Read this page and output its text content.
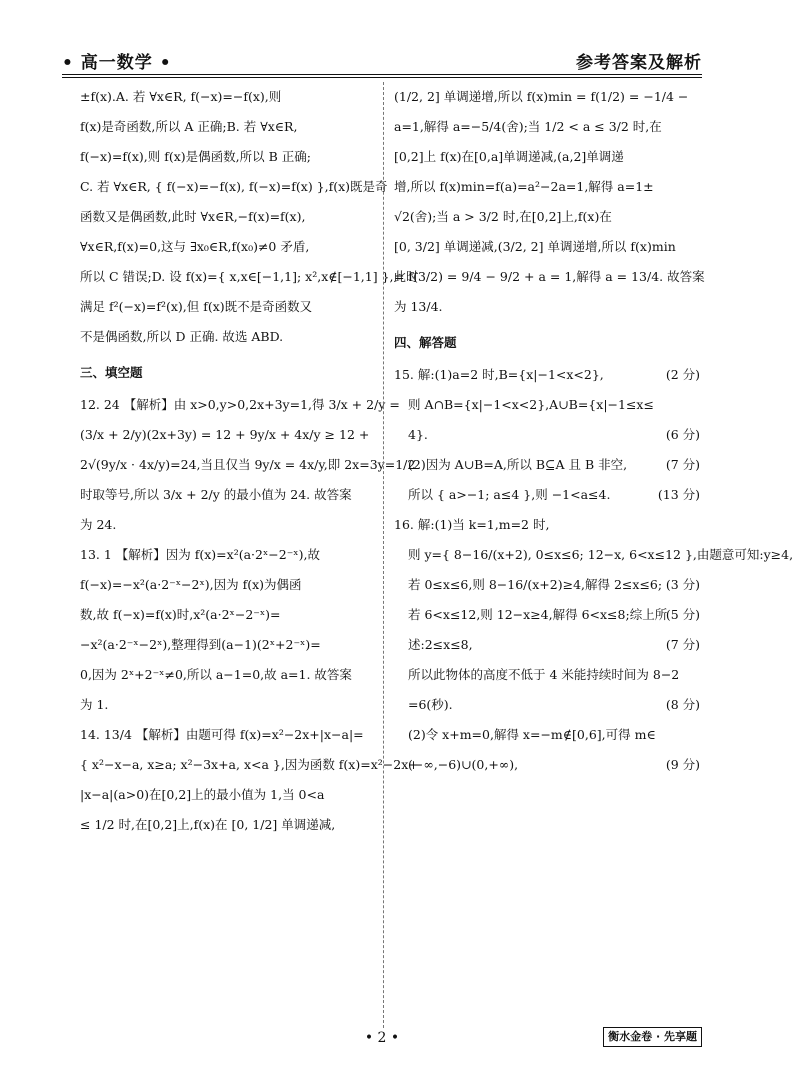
• 高一数学 •	参考答案及解析
±f(x).A. 若 ∀x∈R, f(−x)=−f(x),则
f(x)是奇函数,所以 A 正确;B. 若 ∀x∈R,
f(−x)=f(x),则 f(x)是偶函数,所以 B 正确;
C. 若 ∀x∈R, { f(−x)=−f(x), f(−x)=f(x) },f(x)既是奇
函数又是偶函数,此时 ∀x∈R,−f(x)=f(x),
∀x∈R,f(x)=0,这与 ∃x₀∈R,f(x₀)≠0 矛盾,
所以 C 错误;D. 设 f(x)={ x,x∈[−1,1]; x²,x∉[−1,1] },此时
满足 f²(−x)=f²(x),但 f(x)既不是奇函数又
不是偶函数,所以 D 正确. 故选 ABD.
三、填空题
12. 24 【解析】由 x>0,y>0,2x+3y=1,得 3/x + 2/y =
(3/x + 2/y)(2x+3y) = 12 + 9y/x + 4x/y ≥ 12 +
2√(9y/x · 4x/y)=24,当且仅当 9y/x = 4x/y,即 2x=3y=1/2
时取等号,所以 3/x + 2/y 的最小值为 24. 故答案
为 24.
13. 1 【解析】因为 f(x)=x²(a·2ˣ−2⁻ˣ),故
f(−x)=−x²(a·2⁻ˣ−2ˣ),因为 f(x)为偶函
数,故 f(−x)=f(x)时,x²(a·2ˣ−2⁻ˣ)=
−x²(a·2⁻ˣ−2ˣ),整理得到(a−1)(2ˣ+2⁻ˣ)=
0,因为 2ˣ+2⁻ˣ≠0,所以 a−1=0,故 a=1. 故答案
为 1.
14. 13/4 【解析】由题可得 f(x)=x²−2x+|x−a|=
{ x²−x−a, x≥a; x²−3x+a, x<a },因为函数 f(x)=x²−2x+
|x−a|(a>0)在[0,2]上的最小值为 1,当 0<a
≤ 1/2 时,在[0,2]上,f(x)在 [0, 1/2] 单调递减,
(1/2, 2] 单调递增,所以 f(x)min = f(1/2) = −1/4 −
a=1,解得 a=−5/4(舍);当 1/2 < a ≤ 3/2 时,在
[0,2]上 f(x)在[0,a]单调递减,(a,2]单调递
增,所以 f(x)min=f(a)=a²−2a=1,解得 a=1±
√2(舍);当 a > 3/2 时,在[0,2]上,f(x)在
[0, 3/2] 单调递减,(3/2, 2] 单调递增,所以 f(x)min
= f(3/2) = 9/4 − 9/2 + a = 1,解得 a = 13/4. 故答案
为 13/4.
四、解答题
15. 解:(1)a=2 时,B={x|−1<x<2},	(2 分)
则 A∩B={x|−1<x<2},A∪B={x|−1≤x≤
4}.	(6 分)
(2)因为 A∪B=A,所以 B⊆A 且 B 非空,	(7 分)
所以 { a>−1; a≤4 },则 −1<a≤4.	(13 分)
16. 解:(1)当 k=1,m=2 时,
则 y={ 8−16/(x+2), 0≤x≤6; 12−x, 6<x≤12 },由题意可知:y≥4,
(3 分)
若 0≤x≤6,则 8−16/(x+2)≥4,解得 2≤x≤6;
(5 分)
若 6<x≤12,则 12−x≥4,解得 6<x≤8;综上所
述:2≤x≤8,	(7 分)
所以此物体的高度不低于 4 米能持续时间为 8−2
=6(秒).	(8 分)
(2)令 x+m=0,解得 x=−m∉[0,6],可得 m∈
(−∞,−6)∪(0,+∞),	(9 分)
• 2 •	衡水金卷 · 先享题
